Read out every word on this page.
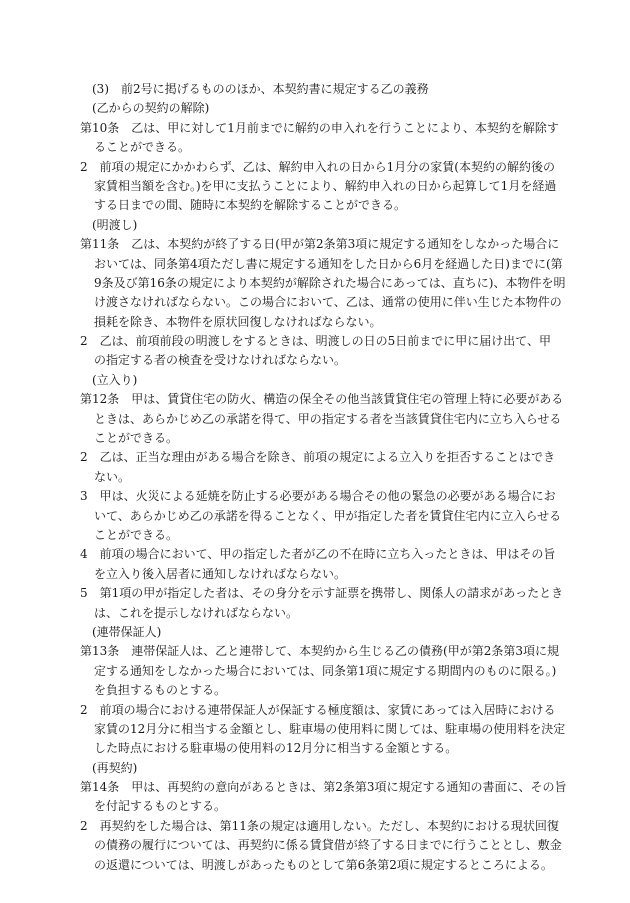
(3)　前2号に掲げるもののほか、本契約書に規定する乙の義務
(乙からの契約の解除)
第10条　乙は、甲に対して1月前までに解約の申入れを行うことにより、本契約を解除す
ることができる。
2　前項の規定にかかわらず、乙は、解約申入れの日から1月分の家賃(本契約の解約後の
家賃相当額を含む。)を甲に支払うことにより、解約申入れの日から起算して1月を経過
する日までの間、随時に本契約を解除することができる。
(明渡し)
第11条　乙は、本契約が終了する日(甲が第2条第3項に規定する通知をしなかった場合に
おいては、同条第4項ただし書に規定する通知をした日から6月を経過した日)までに(第
9条及び第16条の規定により本契約が解除された場合にあっては、直ちに)、本物件を明
け渡さなければならない。この場合において、乙は、通常の使用に伴い生じた本物件の
損耗を除き、本物件を原状回復しなければならない。
2　乙は、前項前段の明渡しをするときは、明渡しの日の5日前までに甲に届け出て、甲
の指定する者の検査を受けなければならない。
(立入り)
第12条　甲は、賃貸住宅の防火、構造の保全その他当該賃貸住宅の管理上特に必要がある
ときは、あらかじめ乙の承諾を得て、甲の指定する者を当該賃貸住宅内に立ち入らせる
ことができる。
2　乙は、正当な理由がある場合を除き、前項の規定による立入りを拒否することはでき
ない。
3　甲は、火災による延焼を防止する必要がある場合その他の緊急の必要がある場合にお
いて、あらかじめ乙の承諾を得ることなく、甲が指定した者を賃貸住宅内に立入らせる
ことができる。
4　前項の場合において、甲の指定した者が乙の不在時に立ち入ったときは、甲はその旨
を立入り後入居者に通知しなければならない。
5　第1項の甲が指定した者は、その身分を示す証票を携帯し、関係人の請求があったとき
は、これを提示しなければならない。
(連帯保証人)
第13条　連帯保証人は、乙と連帯して、本契約から生じる乙の債務(甲が第2条第3項に規
定する通知をしなかった場合においては、同条第1項に規定する期間内のものに限る。)
を負担するものとする。
2　前項の場合における連帯保証人が保証する極度額は、家賃にあっては入居時における
家賃の12月分に相当する金額とし、駐車場の使用料に関しては、駐車場の使用料を決定
した時点における駐車場の使用料の12月分に相当する金額とする。
(再契約)
第14条　甲は、再契約の意向があるときは、第2条第3項に規定する通知の書面に、その旨
を付記するものとする。
2　再契約をした場合は、第11条の規定は適用しない。ただし、本契約における現状回復
の債務の履行については、再契約に係る賃貸借が終了する日までに行うこととし、敷金
の返還については、明渡しがあったものとして第6条第2項に規定するところによる。
